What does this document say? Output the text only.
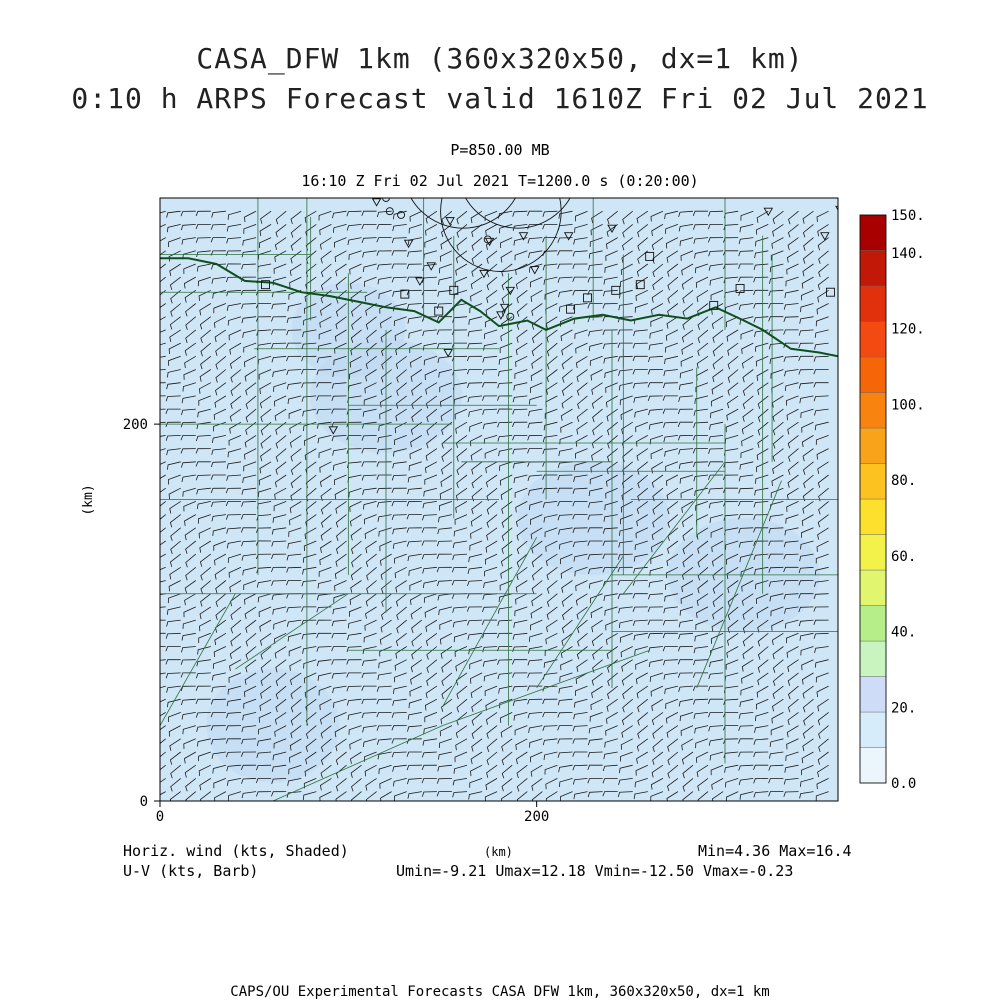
CASA_DFW 1km (360x320x50, dx=1 km)
0:10 h ARPS Forecast valid 1610Z Fri 02 Jul 2021
P=850.00 MB
16:10 Z Fri 02 Jul 2021 T=1200.0 s (0:20:00)
0	200
0
200
0.0
20.
40.
60.
80.
100.
120.
140.
150.
(km)
Horiz. wind (kts, Shaded)
U-V (kts, Barb)
(km)	Min=4.36 Max=16.4
Umin=-9.21 Umax=12.18 Vmin=-12.50 Vmax=-0.23
CAPS/OU Experimental Forecasts CASA DFW 1km, 360x320x50, dx=1 km
